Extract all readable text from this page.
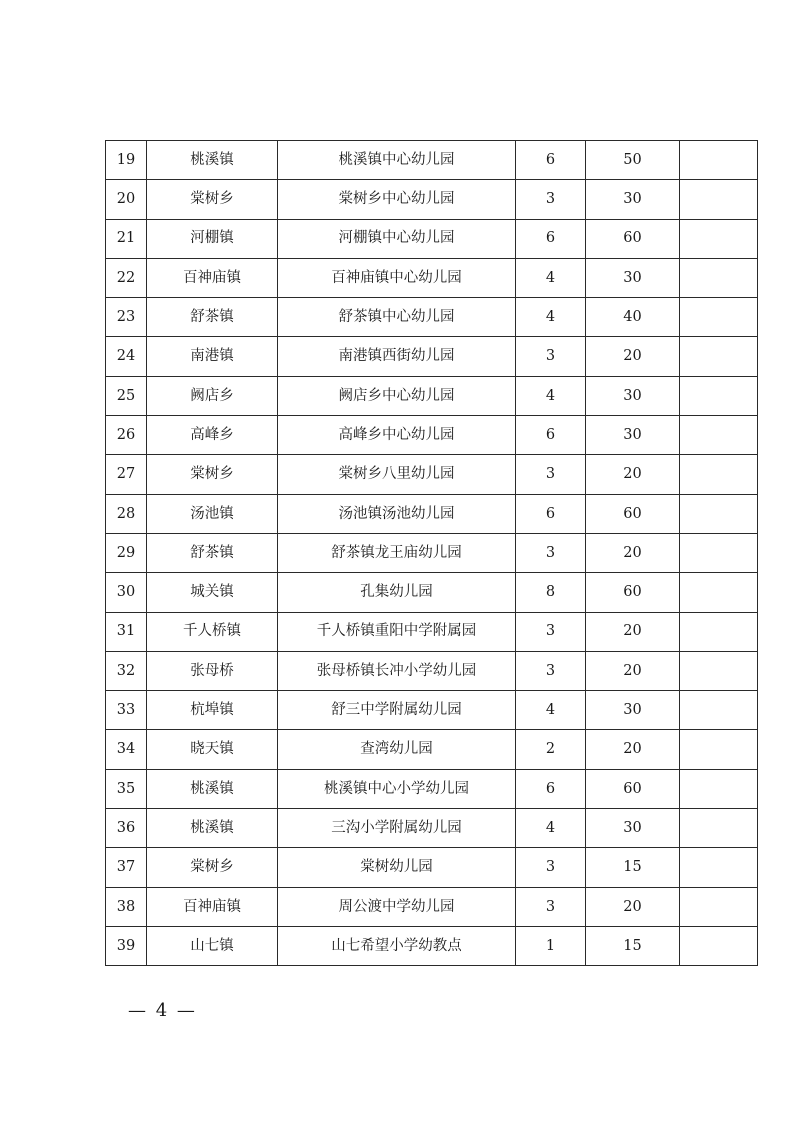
19	桃溪镇	桃溪镇中心幼儿园	6	50	
20	棠树乡	棠树乡中心幼儿园	3	30	
21	河棚镇	河棚镇中心幼儿园	6	60	
22	百神庙镇	百神庙镇中心幼儿园	4	30	
23	舒茶镇	舒茶镇中心幼儿园	4	40	
24	南港镇	南港镇西街幼儿园	3	20	
25	阙店乡	阙店乡中心幼儿园	4	30	
26	高峰乡	高峰乡中心幼儿园	6	30	
27	棠树乡	棠树乡八里幼儿园	3	20	
28	汤池镇	汤池镇汤池幼儿园	6	60	
29	舒茶镇	舒茶镇龙王庙幼儿园	3	20	
30	城关镇	孔集幼儿园	8	60	
31	千人桥镇	千人桥镇重阳中学附属园	3	20	
32	张母桥	张母桥镇长冲小学幼儿园	3	20	
33	杭埠镇	舒三中学附属幼儿园	4	30	
34	晓天镇	查湾幼儿园	2	20	
35	桃溪镇	桃溪镇中心小学幼儿园	6	60	
36	桃溪镇	三沟小学附属幼儿园	4	30	
37	棠树乡	棠树幼儿园	3	15	
38	百神庙镇	周公渡中学幼儿园	3	20	
39	山七镇	山七希望小学幼教点	1	15	
— 4 —
